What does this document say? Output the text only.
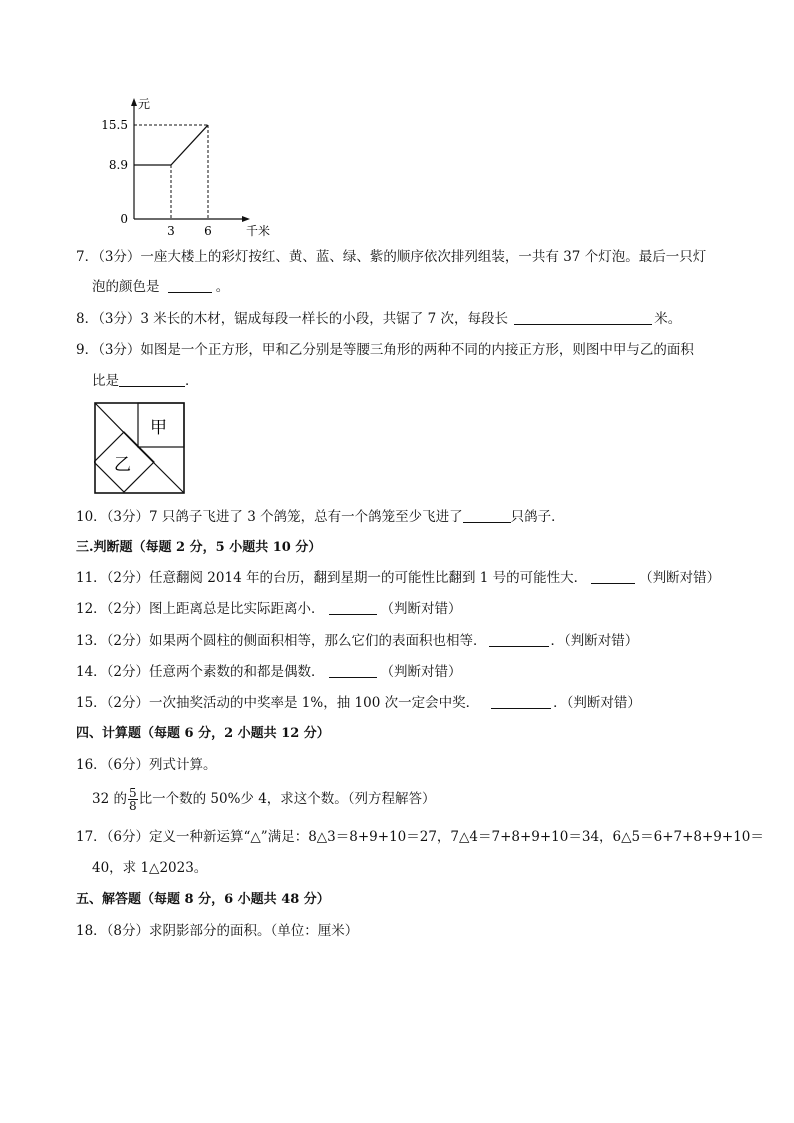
元
千米
15.5
8.9
0
3 6
7．（3分）一座大楼上的彩灯按红、黄、蓝、绿、紫的顺序依次排列组装，一共有 37 个灯泡。最后一只灯
泡的颜色是	。
8．（3分）3 米长的木材，锯成每段一样长的小段，共锯了 7 次，每段长	米。
9．（3分）如图是一个正方形，甲和乙分别是等腰三角形的两种不同的内接正方形，则图中甲与乙的面积
比是	．
甲
乙
10．（3分）7 只鸽子飞进了 3 个鸽笼，总有一个鸽笼至少飞进了	只鸽子．
三.判断题（每题 2 分，5 小题共 10 分）
11．（2分）任意翻阅 2014 年的台历，翻到星期一的可能性比翻到 1 号的可能性大．	（判断对错）
12．（2分）图上距离总是比实际距离小．	（判断对错）
13．（2分）如果两个圆柱的侧面积相等，那么它们的表面积也相等．	．（判断对错）
14．（2分）任意两个素数的和都是偶数．	（判断对错）
15．（2分）一次抽奖活动的中奖率是 1%，抽 100 次一定会中奖．	．（判断对错）
四、计算题（每题 6 分，2 小题共 12 分）
16．（6分）列式计算。
32 的 $\frac{5}{8}$ 比一个数的 50%少 4，求这个数。（列方程解答）
17．（6分）定义一种新运算“△”满足：8△3＝8+9+10＝27，7△4＝7+8+9+10＝34，6△5＝6+7+8+9+10＝
40，求 1△2023。
五、解答题（每题 8 分，6 小题共 48 分）
18．（8分）求阴影部分的面积。（单位：厘米）
